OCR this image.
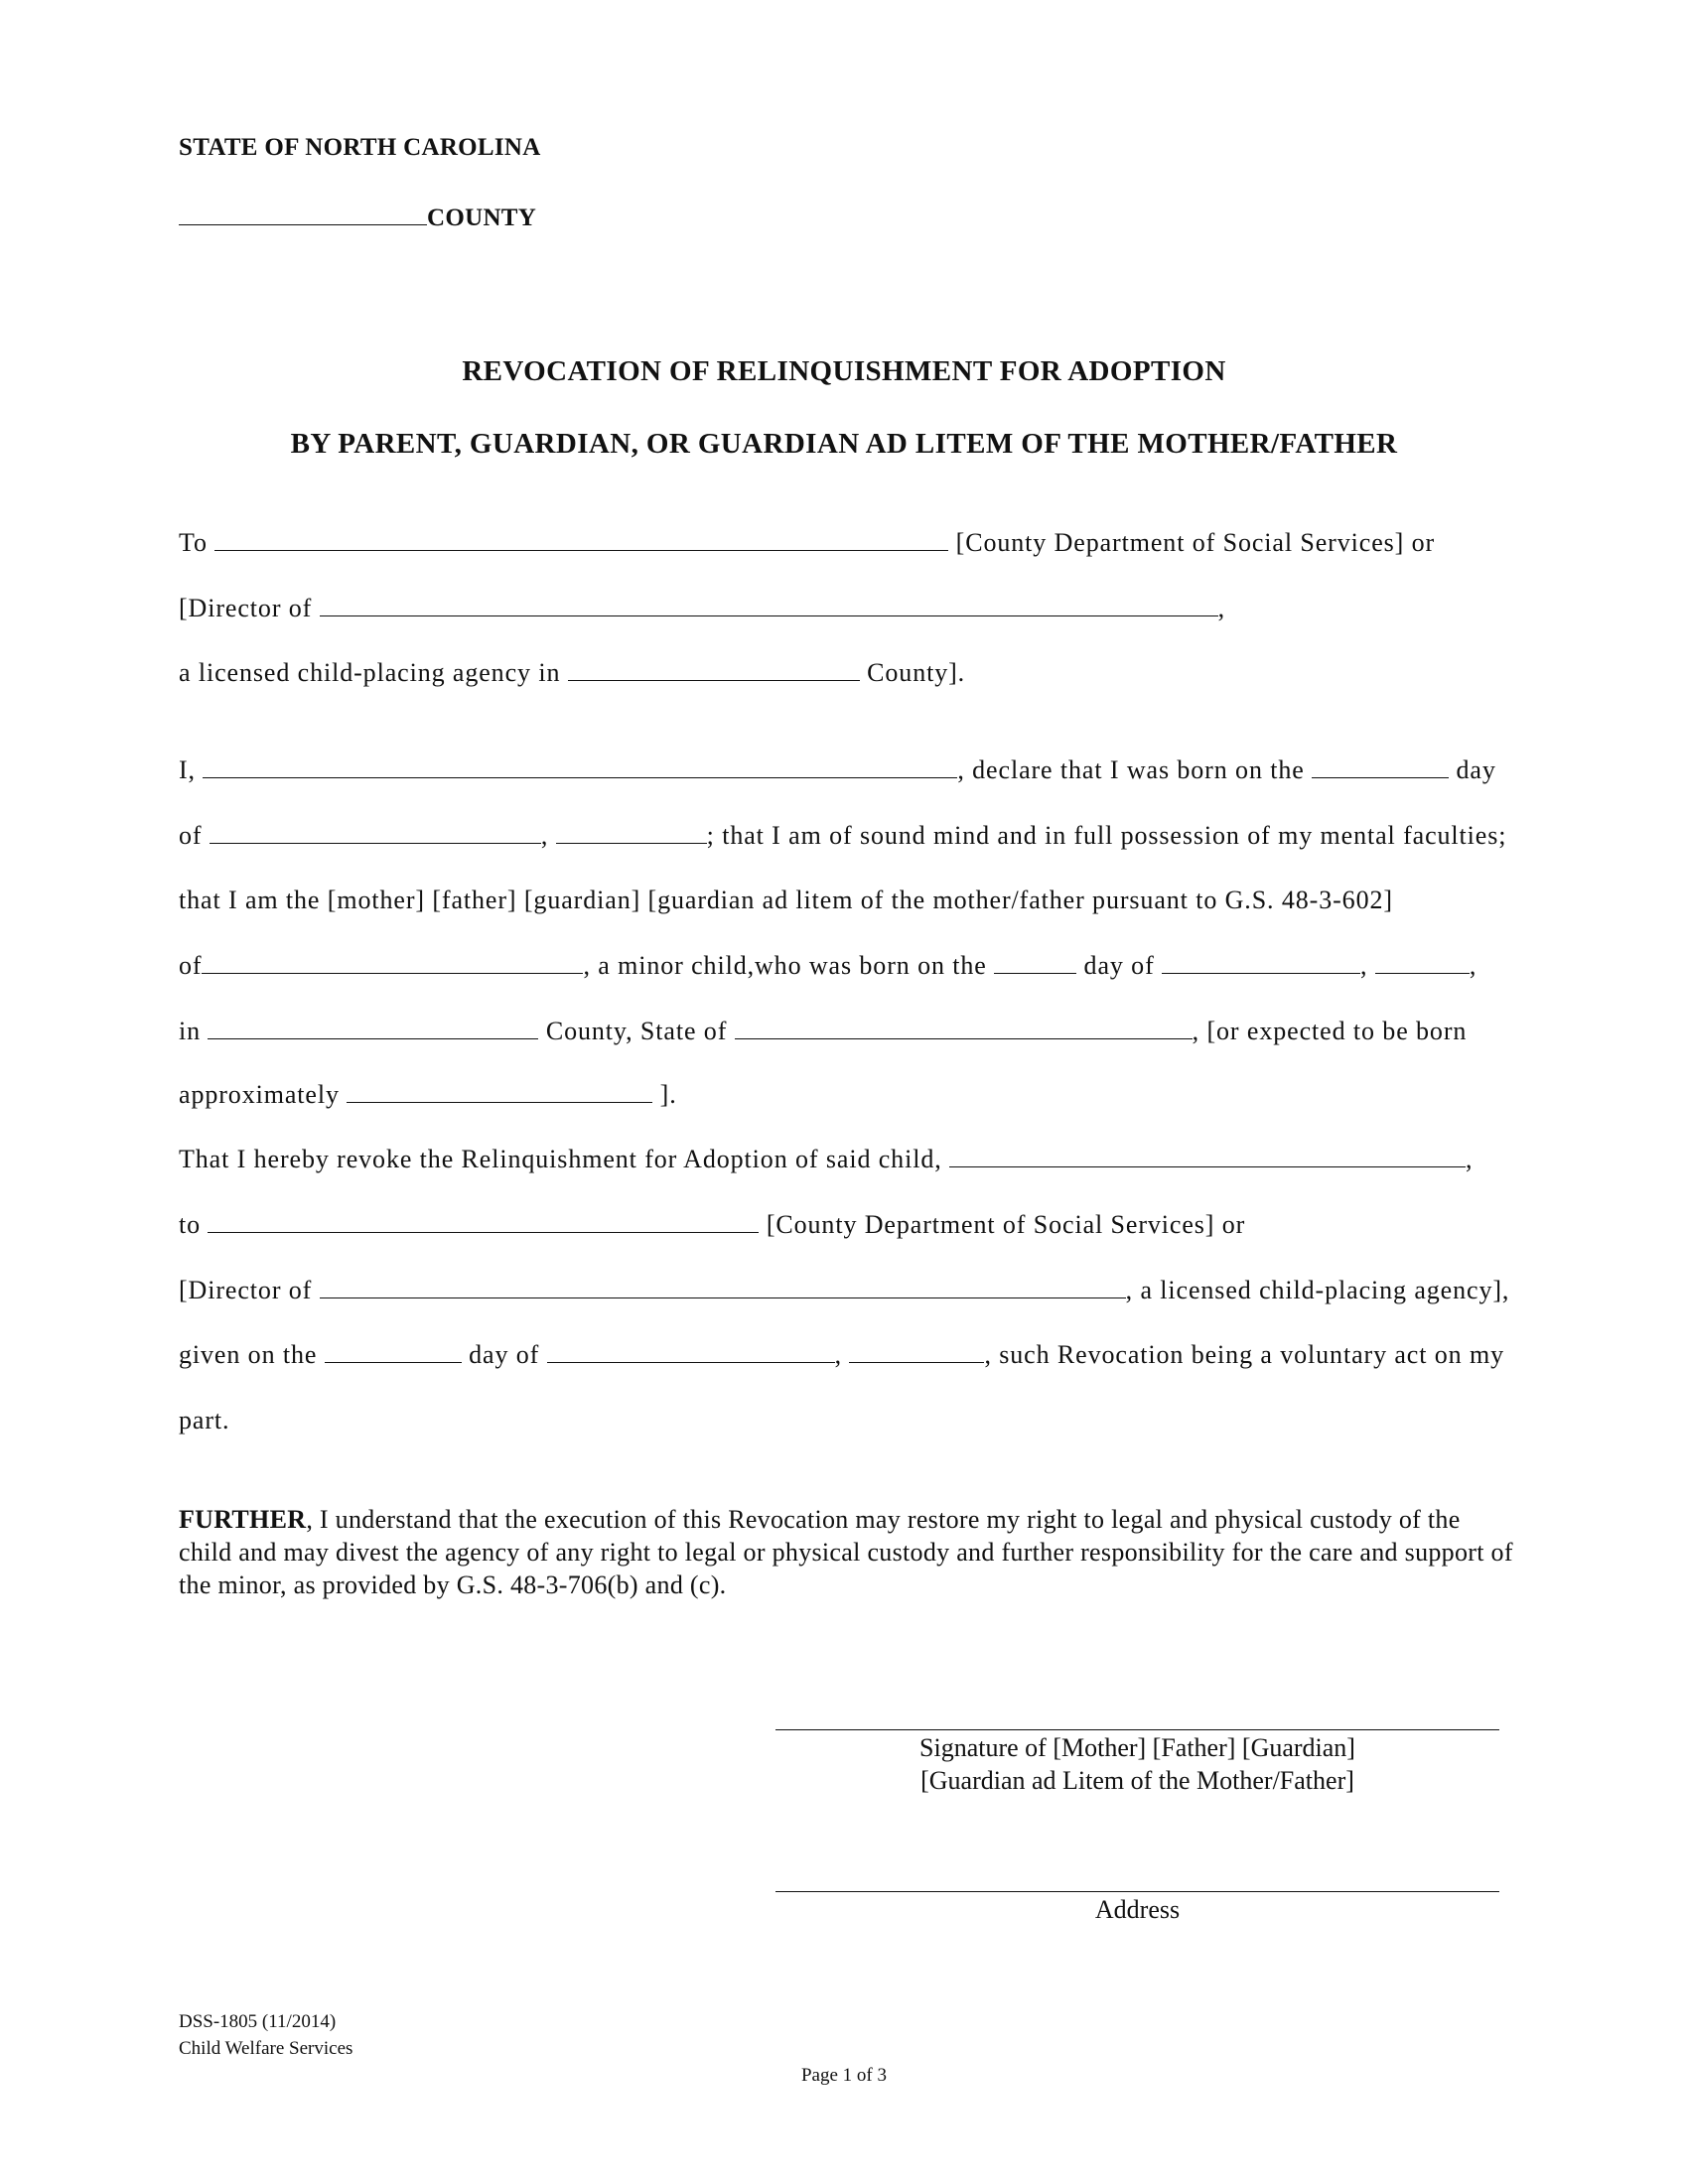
STATE OF NORTH CAROLINA
COUNTY
REVOCATION OF RELINQUISHMENT FOR ADOPTION
BY PARENT, GUARDIAN, OR GUARDIAN AD LITEM OF THE MOTHER/FATHER
To	[County Department of Social Services] or
[Director of	,
a licensed child-placing agency in	County].
I,	, declare that I was born on the	day
of	,	; that I am of sound mind and in full possession of my mental faculties;
that I am the [mother] [father] [guardian] [guardian ad litem of the mother/father pursuant to G.S. 48-3-602]
of	, a minor child,who was born on the	day of	,	,
in	County, State of	, [or expected to be born
approximately	].
That I hereby revoke the Relinquishment for Adoption of said child,	,
to	[County Department of Social Services] or
[Director of	, a licensed child-placing agency],
given on the	day of	,	, such Revocation being a voluntary act on my
part.
FURTHER, I understand that the execution of this Revocation may restore my right to legal and physical custody of the child and may divest the agency of any right to legal or physical custody and further responsibility for the care and support of the minor, as provided by G.S. 48-3-706(b) and (c).
Signature of [Mother] [Father] [Guardian]
[Guardian ad Litem of the Mother/Father]
Address
DSS-1805 (11/2014)
Child Welfare Services
Page 1 of 3
